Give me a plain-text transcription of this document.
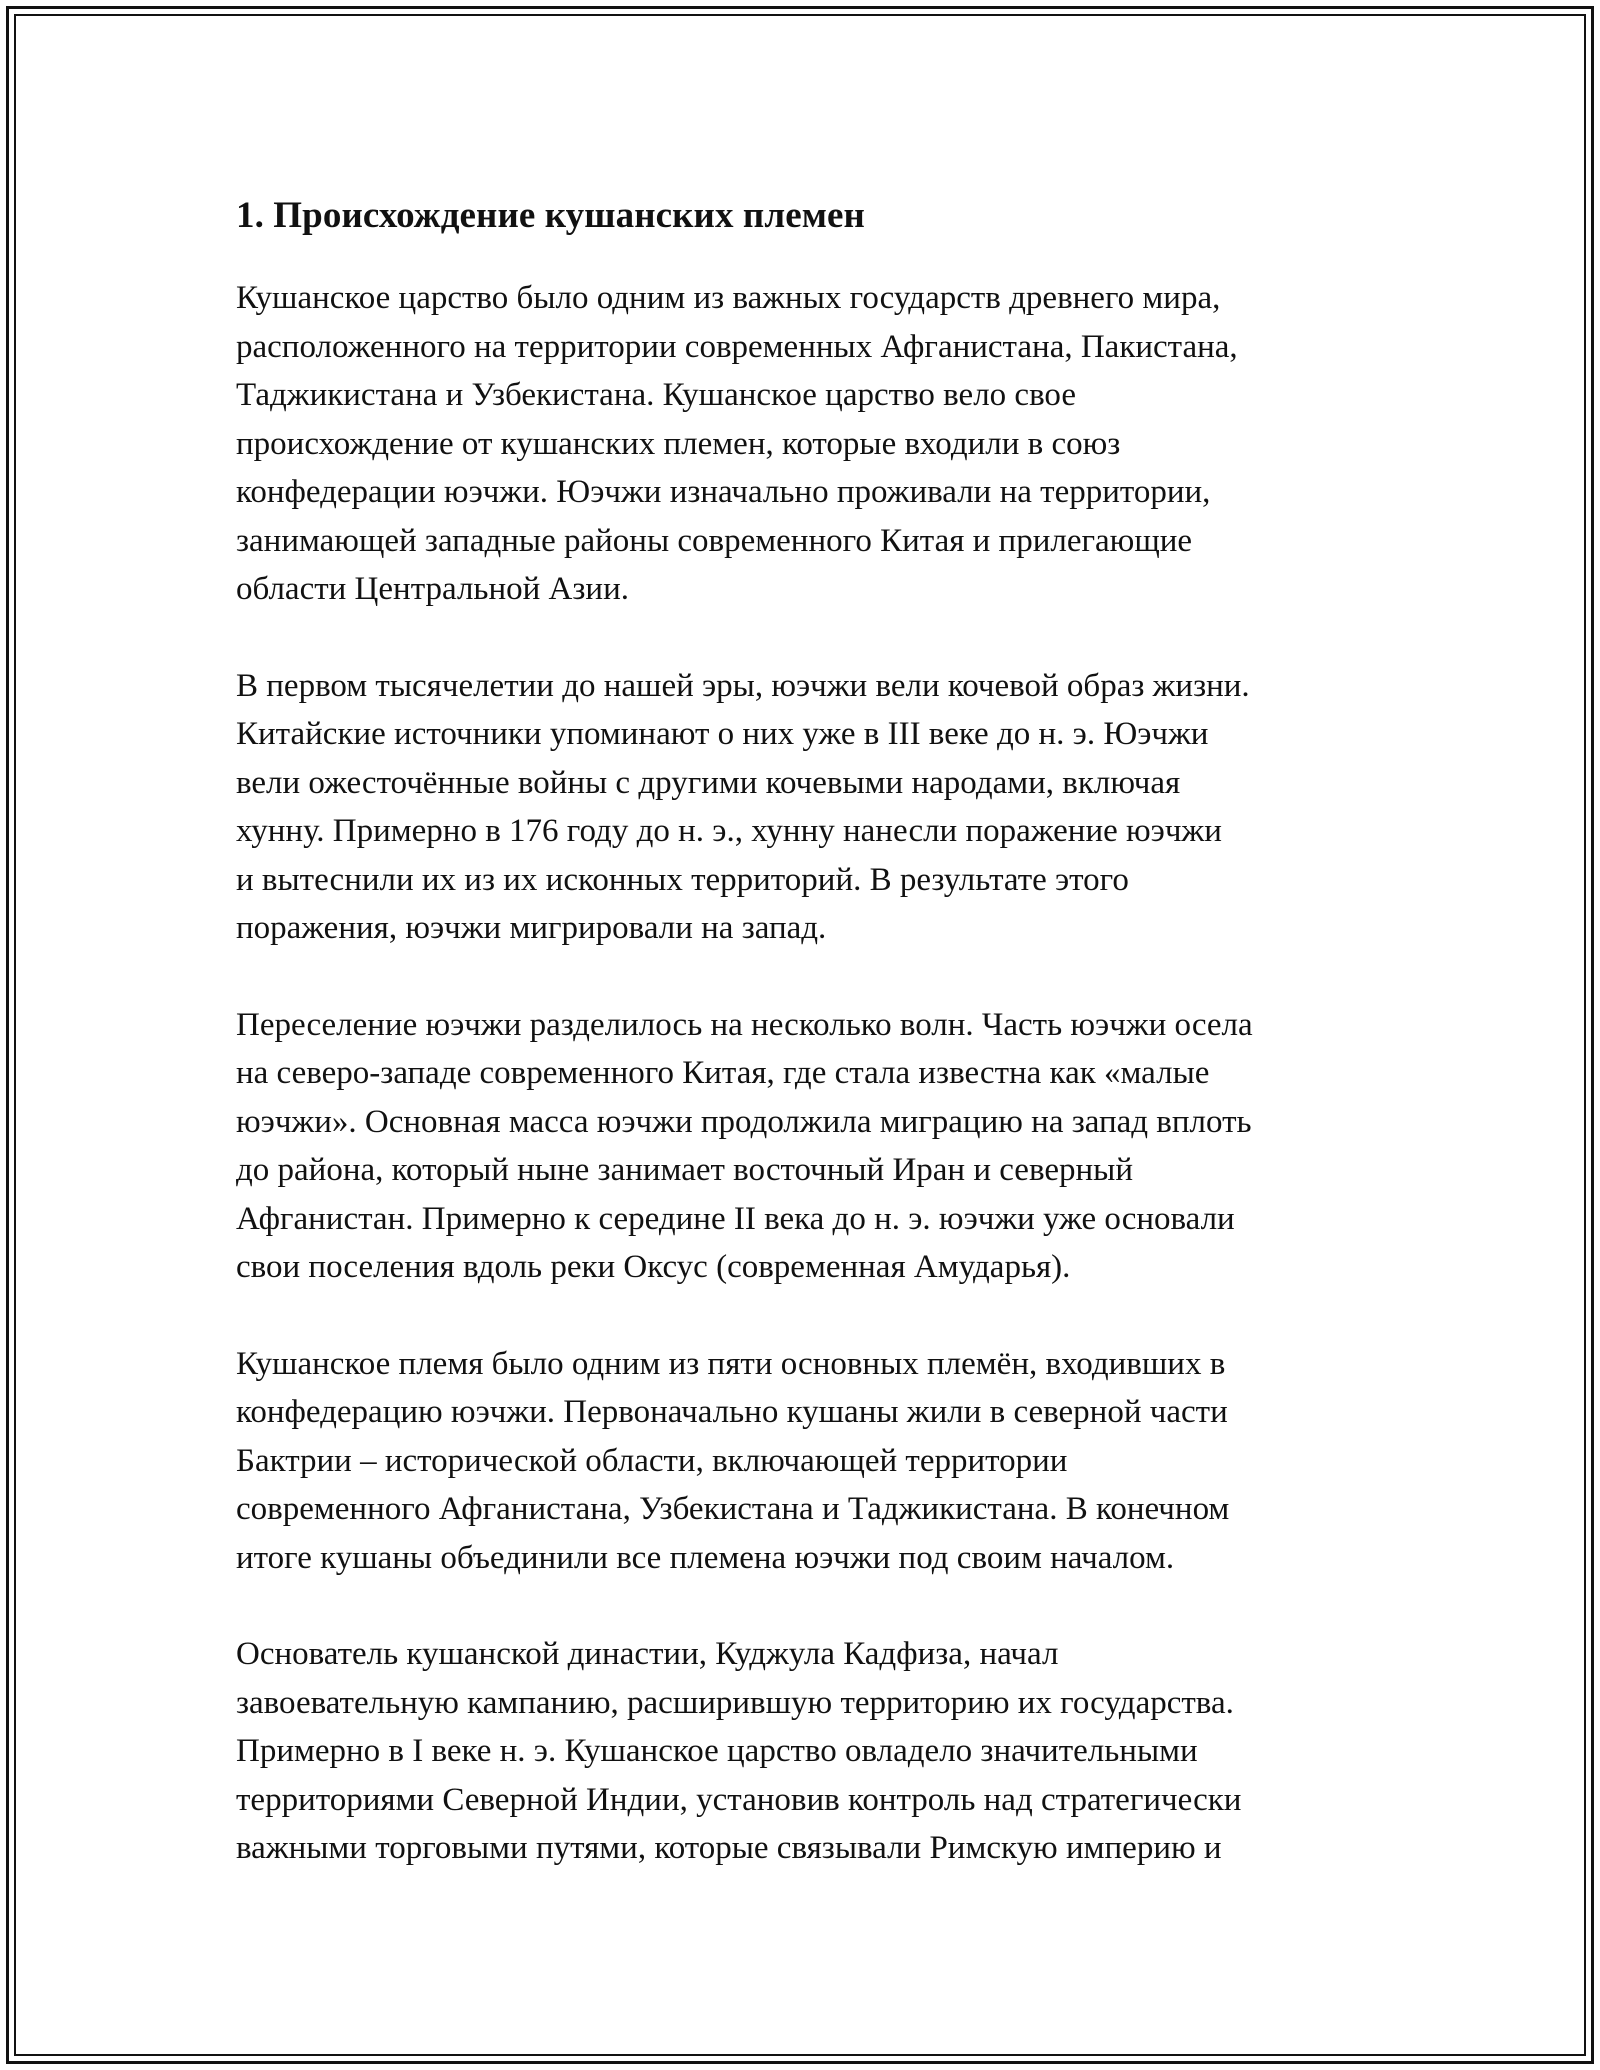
1. Происхождение кушанских племен

Кушанское царство было одним из важных государств древнего мира,
расположенного на территории современных Афганистана, Пакистана,
Таджикистана и Узбекистана. Кушанское царство вело свое
происхождение от кушанских племен, которые входили в союз
конфедерации юэчжи. Юэчжи изначально проживали на территории,
занимающей западные районы современного Китая и прилегающие
области Центральной Азии.

В первом тысячелетии до нашей эры, юэчжи вели кочевой образ жизни.
Китайские источники упоминают о них уже в III веке до н. э. Юэчжи
вели ожесточённые войны с другими кочевыми народами, включая
хунну. Примерно в 176 году до н. э., хунну нанесли поражение юэчжи
и вытеснили их из их исконных территорий. В результате этого
поражения, юэчжи мигрировали на запад.

Переселение юэчжи разделилось на несколько волн. Часть юэчжи осела
на северо-западе современного Китая, где стала известна как «малые
юэчжи». Основная масса юэчжи продолжила миграцию на запад вплоть
до района, который ныне занимает восточный Иран и северный
Афганистан. Примерно к середине II века до н. э. юэчжи уже основали
свои поселения вдоль реки Оксус (современная Амударья).

Кушанское племя было одним из пяти основных племён, входивших в
конфедерацию юэчжи. Первоначально кушаны жили в северной части
Бактрии – исторической области, включающей территории
современного Афганистана, Узбекистана и Таджикистана. В конечном
итоге кушаны объединили все племена юэчжи под своим началом.

Основатель кушанской династии, Куджула Кадфиза, начал
завоевательную кампанию, расширившую территорию их государства.
Примерно в I веке н. э. Кушанское царство овладело значительными
территориями Северной Индии, установив контроль над стратегически
важными торговыми путями, которые связывали Римскую империю и
